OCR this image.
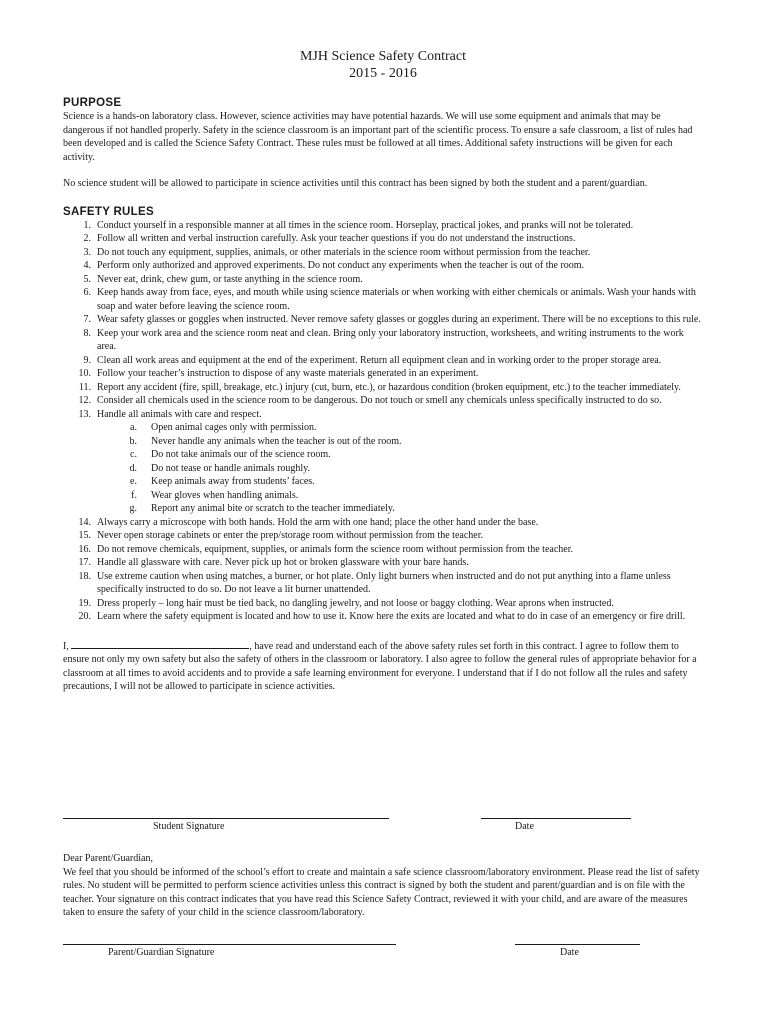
MJH Science Safety Contract
2015 - 2016
PURPOSE

Science is a hands-on laboratory class. However, science activities may have potential hazards. We will use some equipment and animals that may be dangerous if not handled properly. Safety in the science classroom is an important part of the scientific process. To ensure a safe classroom, a list of rules had been developed and is called the Science Safety Contract. These rules must be followed at all times. Additional safety instructions will be given for each activity.

No science student will be allowed to participate in science activities until this contract has been signed by both the student and a parent/guardian.

SAFETY RULES
1. Conduct yourself in a responsible manner at all times in the science room. Horseplay, practical jokes, and pranks will not be tolerated.
2. Follow all written and verbal instruction carefully. Ask your teacher questions if you do not understand the instructions.
3. Do not touch any equipment, supplies, animals, or other materials in the science room without permission from the teacher.
4. Perform only authorized and approved experiments. Do not conduct any experiments when the teacher is out of the room.
5. Never eat, drink, chew gum, or taste anything in the science room.
6. Keep hands away from face, eyes, and mouth while using science materials or when working with either chemicals or animals. Wash your hands with soap and water before leaving the science room.
7. Wear safety glasses or goggles when instructed. Never remove safety glasses or goggles during an experiment. There will be no exceptions to this rule.
8. Keep your work area and the science room neat and clean. Bring only your laboratory instruction, worksheets, and writing instruments to the work area.
9. Clean all work areas and equipment at the end of the experiment. Return all equipment clean and in working order to the proper storage area.
10. Follow your teacher’s instruction to dispose of any waste materials generated in an experiment.
11. Report any accident (fire, spill, breakage, etc.) injury (cut, burn, etc.), or hazardous condition (broken equipment, etc.) to the teacher immediately.
12. Consider all chemicals used in the science room to be dangerous. Do not touch or smell any chemicals unless specifically instructed to do so.
13. Handle all animals with care and respect.
a.	Open animal cages only with permission.
b.	Never handle any animals when the teacher is out of the room.
c.	Do not take animals our of the science room.
d.	Do not tease or handle animals roughly.
e.	Keep animals away from students’ faces.
f.	Wear gloves when handling animals.
g.	Report any animal bite or scratch to the teacher immediately.
14. Always carry a microscope with both hands. Hold the arm with one hand; place the other hand under the base.
15. Never open storage cabinets or enter the prep/storage room without permission from the teacher.
16. Do not remove chemicals, equipment, supplies, or animals form the science room without permission from the teacher.
17. Handle all glassware with care. Never pick up hot or broken glassware with your bare hands.
18. Use extreme caution when using matches, a burner, or hot plate. Only light burners when instructed and do not put anything into a flame unless specifically instructed to do so. Do not leave a lit burner unattended.
19. Dress properly – long hair must be tied back, no dangling jewelry, and not loose or baggy clothing. Wear aprons when instructed.
20. Learn where the safety equipment is located and how to use it. Know here the exits are located and what to do in case of an emergency or fire drill.

I,	, have read and understand each of the above safety rules set forth in this contract. I agree to follow them to ensure not only my own safety but also the safety of others in the classroom or laboratory. I also agree to follow the general rules of appropriate behavior for a classroom at all times to avoid accidents and to provide a safe learning environment for everyone. I understand that if I do not follow all the rules and safety precautions, I will not be allowed to participate in science activities.

Student Signature	Date

Dear Parent/Guardian,

We feel that you should be informed of the school’s effort to create and maintain a safe science classroom/laboratory environment. Please read the list of safety rules. No student will be permitted to perform science activities unless this contract is signed by both the student and parent/guardian and is on file with the teacher. Your signature on this contract indicates that you have read this Science Safety Contract, reviewed it with your child, and are aware of the measures taken to ensure the safety of your child in the science classroom/laboratory.

Parent/Guardian Signature	Date
